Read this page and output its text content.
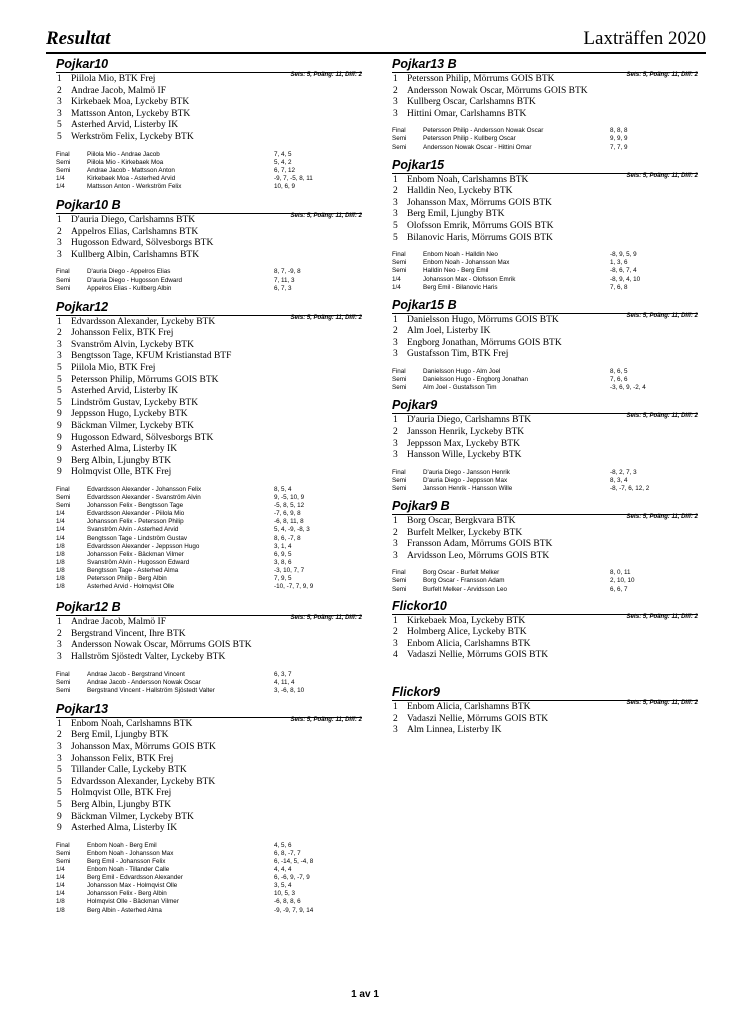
Resultat	Laxträffen 2020
Pojkar10
Sets: 5, Poäng: 11, Diff: 2
1 Piilola Mio, BTK Frej
2 Andrae Jacob, Malmö IF
3 Kirkebaek Moa, Lyckeby BTK
3 Mattsson Anton, Lyckeby BTK
5 Asterhed Arvid, Listerby IK
5 Werkström Felix, Lyckeby BTK
Final	Piilola Mio - Andrae Jacob	7, 4, 5
Semi	Piilola Mio - Kirkebaek Moa	5, 4, 2
Semi	Andrae Jacob - Mattsson Anton	6, 7, 12
1/4	Kirkebaek Moa - Asterhed Arvid	-9, 7, -5, 8, 11
1/4	Mattsson Anton - Werkström Felix	10, 6, 9
Pojkar10 B
Sets: 5, Poäng: 11, Diff: 2
1 D'auria Diego, Carlshamns BTK
2 Appelros Elias, Carlshamns BTK
3 Hugosson Edward, Sölvesborgs BTK
3 Kullberg Albin, Carlshamns BTK
Final	D'auria Diego - Appelros Elias	8, 7, -9, 8
Semi	D'auria Diego - Hugosson Edward	7, 11, 3
Semi	Appelros Elias - Kullberg Albin	6, 7, 3
Pojkar12
Sets: 5, Poäng: 11, Diff: 2
1 Edvardsson Alexander, Lyckeby BTK
2 Johansson Felix, BTK Frej
3 Svanström Alvin, Lyckeby BTK
3 Bengtsson Tage, KFUM Kristianstad BTF
5 Piilola Mio, BTK Frej
5 Petersson Philip, Mörrums GOIS BTK
5 Asterhed Arvid, Listerby IK
5 Lindström Gustav, Lyckeby BTK
9 Jeppsson Hugo, Lyckeby BTK
9 Bäckman Vilmer, Lyckeby BTK
9 Hugosson Edward, Sölvesborgs BTK
9 Asterhed Alma, Listerby IK
9 Berg Albin, Ljungby BTK
9 Holmqvist Olle, BTK Frej
Final	Edvardsson Alexander - Johansson Felix	8, 5, 4
Semi	Edvardsson Alexander - Svanström Alvin	9, -5, 10, 9
Semi	Johansson Felix - Bengtsson Tage	-5, 8, 5, 12
1/4	Edvardsson Alexander - Piilola Mio	-7, 6, 9, 8
1/4	Johansson Felix - Petersson Philip	-6, 8, 11, 8
1/4	Svanström Alvin - Asterhed Arvid	5, 4, -9, -8, 3
1/4	Bengtsson Tage - Lindström Gustav	8, 6, -7, 8
1/8	Edvardsson Alexander - Jeppsson Hugo	3, 1, 4
1/8	Johansson Felix - Bäckman Vilmer	6, 9, 5
1/8	Svanström Alvin - Hugosson Edward	3, 8, 6
1/8	Bengtsson Tage - Asterhed Alma	-3, 10, 7, 7
1/8	Petersson Philip - Berg Albin	7, 9, 5
1/8	Asterhed Arvid - Holmqvist Olle	-10, -7, 7, 9, 9
Pojkar12 B
Sets: 5, Poäng: 11, Diff: 2
1 Andrae Jacob, Malmö IF
2 Bergstrand Vincent, Ihre BTK
3 Andersson Nowak Oscar, Mörrums GOIS BTK
3 Hallström Sjöstedt Valter, Lyckeby BTK
Final	Andrae Jacob - Bergstrand Vincent	6, 3, 7
Semi	Andrae Jacob - Andersson Nowak Oscar	4, 11, 4
Semi	Bergstrand Vincent - Hallström Sjöstedt Valter	3, -6, 8, 10
Pojkar13
Sets: 5, Poäng: 11, Diff: 2
1 Enbom Noah, Carlshamns BTK
2 Berg Emil, Ljungby BTK
3 Johansson Max, Mörrums GOIS BTK
3 Johansson Felix, BTK Frej
5 Tillander Calle, Lyckeby BTK
5 Edvardsson Alexander, Lyckeby BTK
5 Holmqvist Olle, BTK Frej
5 Berg Albin, Ljungby BTK
9 Bäckman Vilmer, Lyckeby BTK
9 Asterhed Alma, Listerby IK
Final	Enbom Noah - Berg Emil	4, 5, 6
Semi	Enbom Noah - Johansson Max	6, 8, -7, 7
Semi	Berg Emil - Johansson Felix	6, -14, 5, -4, 8
1/4	Enbom Noah - Tillander Calle	4, 4, 4
1/4	Berg Emil - Edvardsson Alexander	6, -6, 9, -7, 9
1/4	Johansson Max - Holmqvist Olle	3, 5, 4
1/4	Johansson Felix - Berg Albin	10, 5, 3
1/8	Holmqvist Olle - Bäckman Vilmer	-6, 8, 8, 6
1/8	Berg Albin - Asterhed Alma	-9, -9, 7, 9, 14
Pojkar13 B
Sets: 5, Poäng: 11, Diff: 2
1 Petersson Philip, Mörrums GOIS BTK
2 Andersson Nowak Oscar, Mörrums GOIS BTK
3 Kullberg Oscar, Carlshamns BTK
3 Hittini Omar, Carlshamns BTK
Final	Petersson Philip - Andersson Nowak Oscar	8, 8, 8
Semi	Petersson Philip - Kullberg Oscar	9, 9, 9
Semi	Andersson Nowak Oscar - Hittini Omar	7, 7, 9
Pojkar15
Sets: 5, Poäng: 11, Diff: 2
1 Enbom Noah, Carlshamns BTK
2 Halldin Neo, Lyckeby BTK
3 Johansson Max, Mörrums GOIS BTK
3 Berg Emil, Ljungby BTK
5 Olofsson Emrik, Mörrums GOIS BTK
5 Bilanovic Haris, Mörrums GOIS BTK
Final	Enbom Noah - Halldin Neo	-8, 9, 5, 9
Semi	Enbom Noah - Johansson Max	1, 3, 6
Semi	Halldin Neo - Berg Emil	-8, 6, 7, 4
1/4	Johansson Max - Olofsson Emrik	-8, 9, 4, 10
1/4	Berg Emil - Bilanovic Haris	7, 6, 8
Pojkar15 B
Sets: 5, Poäng: 11, Diff: 2
1 Danielsson Hugo, Mörrums GOIS BTK
2 Alm Joel, Listerby IK
3 Engborg Jonathan, Mörrums GOIS BTK
3 Gustafsson Tim, BTK Frej
Final	Danielsson Hugo - Alm Joel	8, 6, 5
Semi	Danielsson Hugo - Engborg Jonathan	7, 6, 6
Semi	Alm Joel - Gustafsson Tim	-3, 6, 9, -2, 4
Pojkar9
Sets: 5, Poäng: 11, Diff: 2
1 D'auria Diego, Carlshamns BTK
2 Jansson Henrik, Lyckeby BTK
3 Jeppsson Max, Lyckeby BTK
3 Hansson Wille, Lyckeby BTK
Final	D'auria Diego - Jansson Henrik	-8, 2, 7, 3
Semi	D'auria Diego - Jeppsson Max	8, 3, 4
Semi	Jansson Henrik - Hansson Wille	-8, -7, 6, 12, 2
Pojkar9 B
Sets: 5, Poäng: 11, Diff: 2
1 Borg Oscar, Bergkvara BTK
2 Burfelt Melker, Lyckeby BTK
3 Fransson Adam, Mörrums GOIS BTK
3 Arvidsson Leo, Mörrums GOIS BTK
Final	Borg Oscar - Burfelt Melker	8, 0, 11
Semi	Borg Oscar - Fransson Adam	2, 10, 10
Semi	Burfelt Melker - Arvidsson Leo	6, 6, 7
Flickor10
Sets: 5, Poäng: 11, Diff: 2
1 Kirkebaek Moa, Lyckeby BTK
2 Holmberg Alice, Lyckeby BTK
3 Enbom Alicia, Carlshamns BTK
4 Vadaszi Nellie, Mörrums GOIS BTK
Flickor9
Sets: 5, Poäng: 11, Diff: 2
1 Enbom Alicia, Carlshamns BTK
2 Vadaszi Nellie, Mörrums GOIS BTK
3 Alm Linnea, Listerby IK
1 av 1
